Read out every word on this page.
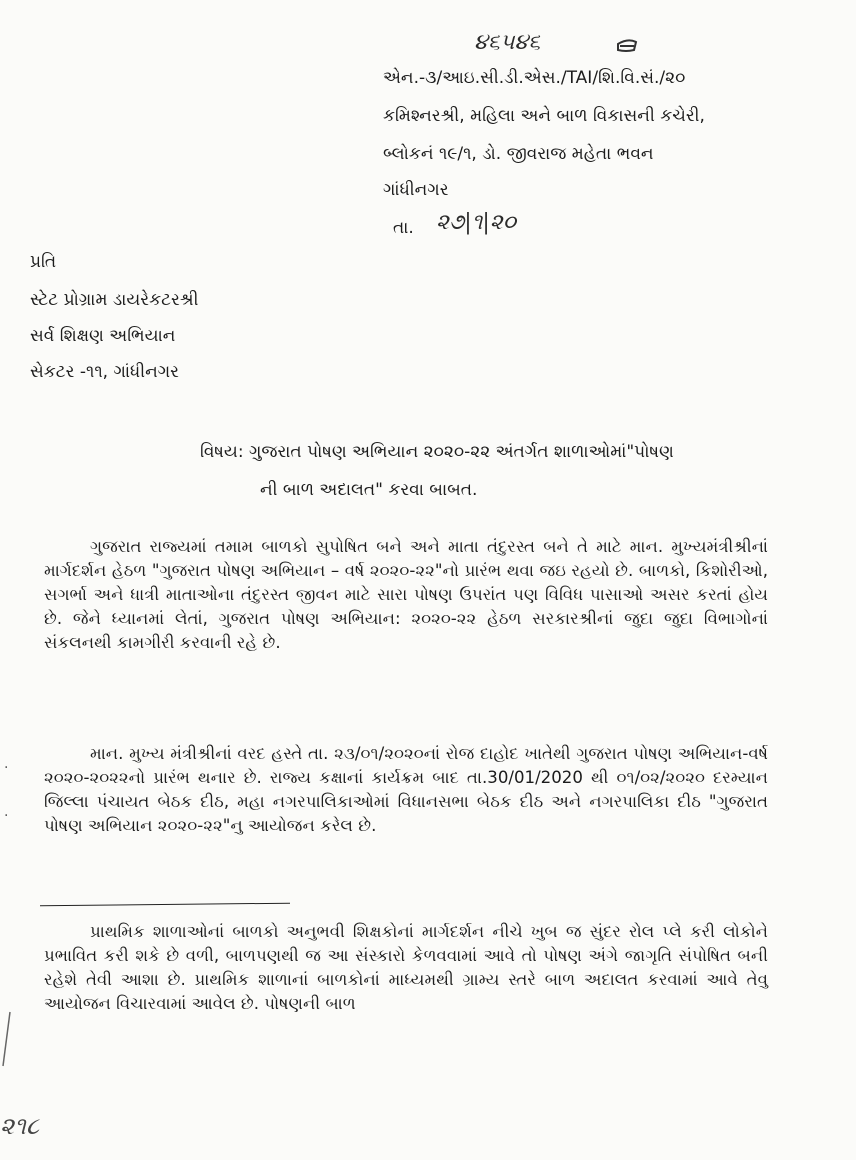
૪૬૫૪૬
એન.-૩/આઇ.સી.ડી.એસ./TAI/શિ.વિ.સં./૨૦
કમિશ્નરશ્રી, મહિલા અને બાળ વિકાસની કચેરી,
બ્લોકનં ૧૯/૧, ડો. જીવરાજ મહેતા ભવન
ગાંધીનગર
તા. ૨૭|૧|૨૦
પ્રતિ
સ્ટેટ પ્રોગ્રામ ડાયરેકટરશ્રી
સર્વ શિક્ષણ અભિયાન
સેકટર -૧૧, ગાંધીનગર
વિષય: ગુજરાત પોષણ અભિયાન ૨૦૨૦-૨૨ અંતર્ગત શાળાઓમાં"પોષણ
ની બાળ અદાલત" કરવા બાબત.
ગુજરાત રાજ્યમાં તમામ બાળકો સુપોષિત બને અને માતા તંદુરસ્ત બને તે માટે માન. મુખ્યમંત્રીશ્રીનાં માર્ગદર્શન હેઠળ "ગુજરાત પોષણ અભિયાન – વર્ષ ૨૦૨૦-૨૨"નો પ્રારંભ થવા જઇ રહયો છે. બાળકો, કિશોરીઓ, સગર્ભા અને ધાત્રી માતાઓના તંદુરસ્ત જીવન માટે સારા પોષણ ઉપરાંત પણ વિવિધ પાસાઓ અસર કરતાં હોય છે. જેને ધ્યાનમાં લેતાં, ગુજરાત પોષણ અભિયાન: ૨૦૨૦-૨૨ હેઠળ સરકારશ્રીનાં જુદા જુદા વિભાગોનાં સંકલનથી કામગીરી કરવાની રહે છે.
માન. મુખ્ય મંત્રીશ્રીનાં વરદ હસ્તે તા. ૨૩/૦૧/૨૦૨૦નાં રોજ દાહોદ ખાતેથી ગુજરાત પોષણ અભિયાન-વર્ષ ૨૦૨૦-૨૦૨૨નો પ્રારંભ થનાર છે. રાજ્ય કક્ષાનાં કાર્યક્રમ બાદ તા.30/01/2020 થી ૦૧/૦૨/૨૦૨૦ દરમ્યાન જિલ્લા પંચાયત બેઠક દીઠ, મહા નગરપાલિકાઓમાં વિધાનસભા બેઠક દીઠ અને નગરપાલિકા દીઠ "ગુજરાત પોષણ અભિયાન ૨૦૨૦-૨૨"નુ આયોજન કરેલ છે.
પ્રાથમિક શાળાઓનાં બાળકો અનુભવી શિક્ષકોનાં માર્ગદર્શન નીચે ખુબ જ સુંદર રોલ પ્લે કરી લોકોને પ્રભાવિત કરી શકે છે વળી, બાળપણથી જ આ સંસ્કારો કેળવવામાં આવે તો પોષણ અંગે જાગૃતિ સંપોષિત બની રહેશે તેવી આશા છે. પ્રાથમિક શાળાનાં બાળકોનાં માધ્યમથી ગ્રામ્ય સ્તરે બાળ અદાલત કરવામાં આવે તેવુ આયોજન વિચારવામાં આવેલ છે. પોષણની બાળ
·
·
૨૧૮
